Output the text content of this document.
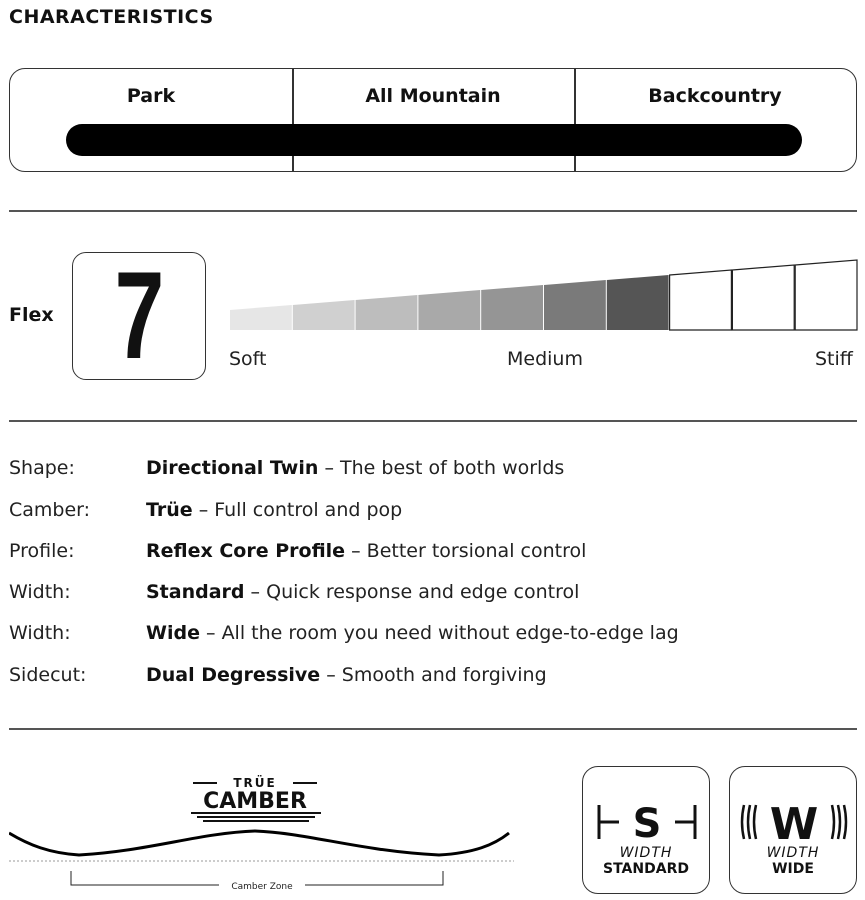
CHARACTERISTICS
Park	All Mountain	Backcountry
Flex 7	Soft	Medium	Stiff
Shape:	Directional Twin – The best of both worlds
Camber:	Trüe – Full control and pop
Profile:	Reflex Core Profile – Better torsional control
Width:	Standard – Quick response and edge control
Width:	Wide – All the room you need without edge-to-edge lag
Sidecut:	Dual Degressive – Smooth and forgiving
TRÜE
CAMBER
Camber Zone
S
WIDTH
STANDARD
W
WIDTH
WIDE
